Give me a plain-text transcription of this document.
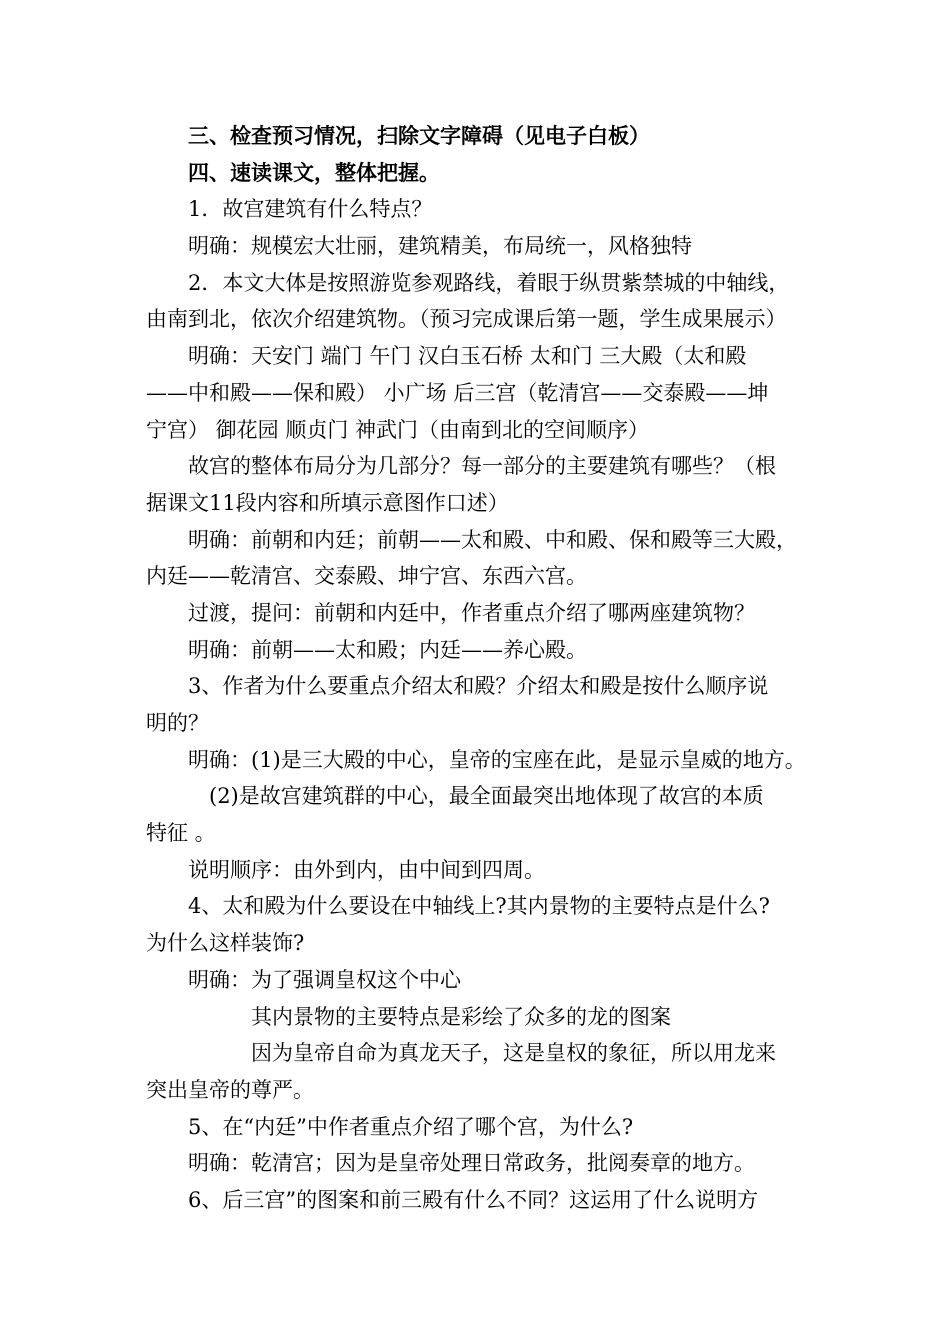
　　三、检查预习情况，扫除文字障碍（见电子白板）
　　四、速读课文，整体把握。
　　1．故宫建筑有什么特点？
　　明确：规模宏大壮丽，建筑精美，布局统一，风格独特
　　2．本文大体是按照游览参观路线，着眼于纵贯紫禁城的中轴线，
由南到北，依次介绍建筑物。（预习完成课后第一题，学生成果展示）
　　明确：天安门 端门 午门 汉白玉石桥 太和门 三大殿（太和殿
——中和殿——保和殿） 小广场 后三宫（乾清宫——交泰殿——坤
宁宫） 御花园 顺贞门 神武门（由南到北的空间顺序）
　　故宫的整体布局分为几部分？每一部分的主要建筑有哪些？（根
据课文11段内容和所填示意图作口述）
　　明确：前朝和内廷；前朝——太和殿、中和殿、保和殿等三大殿，
内廷——乾清宫、交泰殿、坤宁宫、东西六宫。
　　过渡，提问：前朝和内廷中，作者重点介绍了哪两座建筑物？
　　明确：前朝——太和殿；内廷——养心殿。
　　3、作者为什么要重点介绍太和殿？介绍太和殿是按什么顺序说
明的？
　　明确：(1)是三大殿的中心，皇帝的宝座在此，是显示皇威的地方。
　　　(2)是故宫建筑群的中心，最全面最突出地体现了故宫的本质
特征 。
　　说明顺序：由外到内，由中间到四周。
　　4、太和殿为什么要设在中轴线上?其内景物的主要特点是什么?
为什么这样装饰?
　　明确：为了强调皇权这个中心
　　　　　其内景物的主要特点是彩绘了众多的龙的图案
　　　　　因为皇帝自命为真龙天子，这是皇权的象征，所以用龙来
突出皇帝的尊严。
　　5、在“内廷”中作者重点介绍了哪个宫，为什么?
　　明确：乾清宫；因为是皇帝处理日常政务，批阅奏章的地方。
　　6、后三宫”的图案和前三殿有什么不同？这运用了什么说明方
